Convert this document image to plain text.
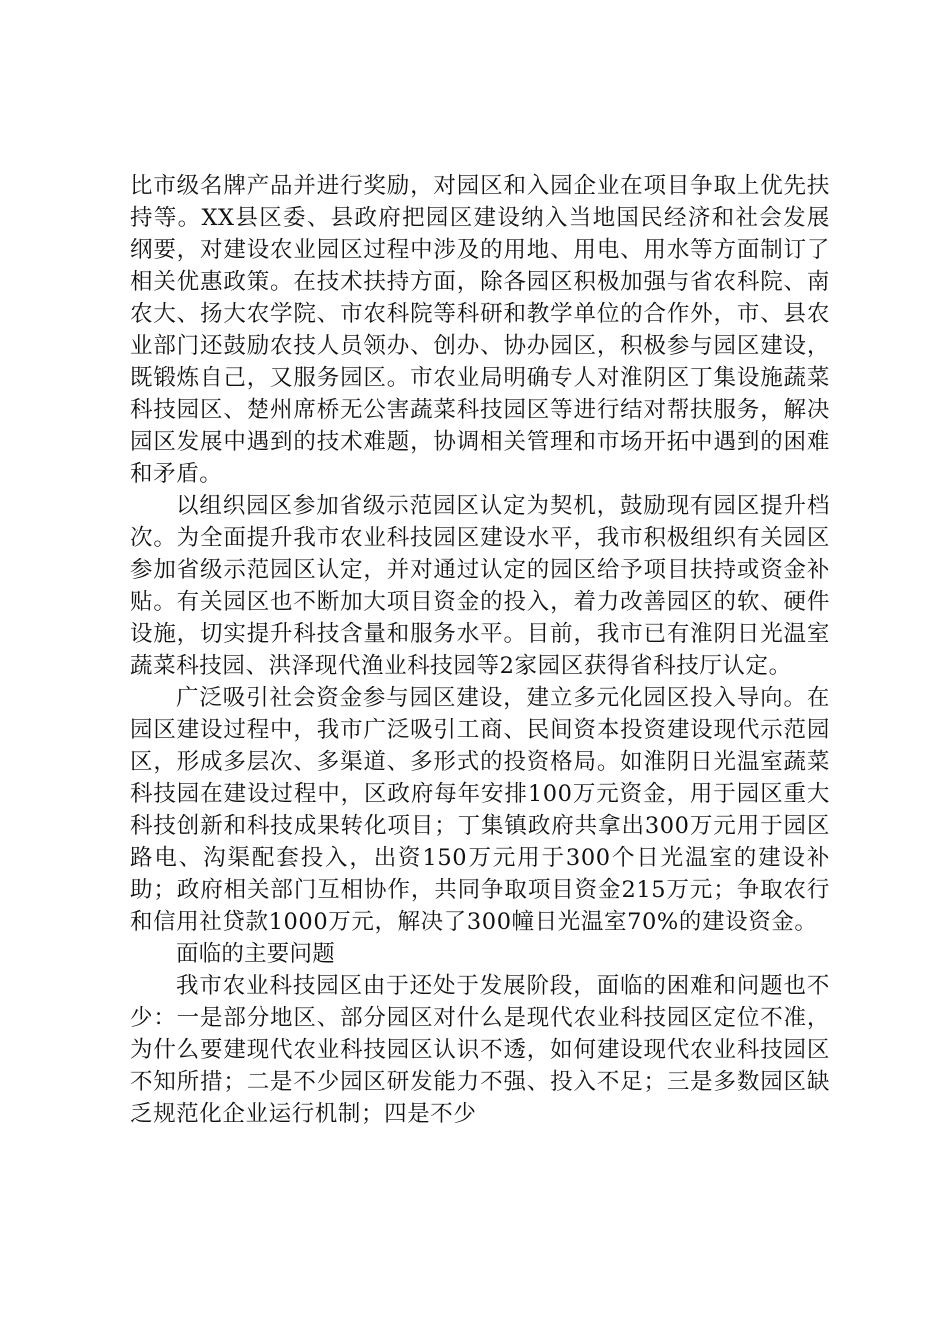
比市级名牌产品并进行奖励，对园区和入园企业在项目争取上优先扶持等。XX县区委、县政府把园区建设纳入当地国民经济和社会发展纲要，对建设农业园区过程中涉及的用地、用电、用水等方面制订了相关优惠政策。在技术扶持方面，除各园区积极加强与省农科院、南农大、扬大农学院、市农科院等科研和教学单位的合作外，市、县农业部门还鼓励农技人员领办、创办、协办园区，积极参与园区建设，既锻炼自己，又服务园区。市农业局明确专人对淮阴区丁集设施蔬菜科技园区、楚州席桥无公害蔬菜科技园区等进行结对帮扶服务，解决园区发展中遇到的技术难题，协调相关管理和市场开拓中遇到的困难和矛盾。

以组织园区参加省级示范园区认定为契机，鼓励现有园区提升档次。为全面提升我市农业科技园区建设水平，我市积极组织有关园区参加省级示范园区认定，并对通过认定的园区给予项目扶持或资金补贴。有关园区也不断加大项目资金的投入，着力改善园区的软、硬件设施，切实提升科技含量和服务水平。目前，我市已有淮阴日光温室蔬菜科技园、洪泽现代渔业科技园等2家园区获得省科技厅认定。

广泛吸引社会资金参与园区建设，建立多元化园区投入导向。在园区建设过程中，我市广泛吸引工商、民间资本投资建设现代示范园区，形成多层次、多渠道、多形式的投资格局。如淮阴日光温室蔬菜科技园在建设过程中，区政府每年安排100万元资金，用于园区重大科技创新和科技成果转化项目；丁集镇政府共拿出300万元用于园区路电、沟渠配套投入，出资150万元用于300个日光温室的建设补助；政府相关部门互相协作，共同争取项目资金215万元；争取农行和信用社贷款1000万元，解决了300幢日光温室70%的建设资金。

面临的主要问题

我市农业科技园区由于还处于发展阶段，面临的困难和问题也不少：一是部分地区、部分园区对什么是现代农业科技园区定位不准，为什么要建现代农业科技园区认识不透，如何建设现代农业科技园区不知所措；二是不少园区研发能力不强、投入不足；三是多数园区缺乏规范化企业运行机制；四是不少
